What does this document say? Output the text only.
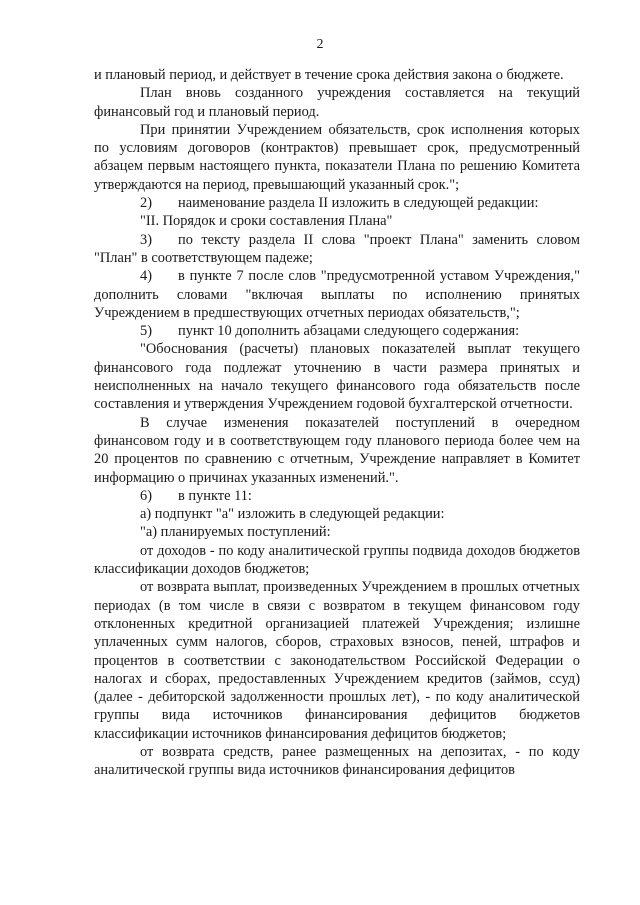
2

и плановый период, и действует в течение срока действия закона о бюджете.

План вновь созданного учреждения составляется на текущий финансовый год и плановый период.

При принятии Учреждением обязательств, срок исполнения которых по условиям договоров (контрактов) превышает срок, предусмотренный абзацем первым настоящего пункта, показатели Плана по решению Комитета утверждаются на период, превышающий указанный срок.";

2) наименование раздела II изложить в следующей редакции:

"II. Порядок и сроки составления Плана"

3) по тексту раздела II слова "проект Плана" заменить словом "План" в соответствующем падеже;

4) в пункте 7 после слов "предусмотренной уставом Учреждения," дополнить словами "включая выплаты по исполнению принятых Учреждением в предшествующих отчетных периодах обязательств,";

5) пункт 10 дополнить абзацами следующего содержания:

"Обоснования (расчеты) плановых показателей выплат текущего финансового года подлежат уточнению в части размера принятых и неисполненных на начало текущего финансового года обязательств после составления и утверждения Учреждением годовой бухгалтерской отчетности.

В случае изменения показателей поступлений в очередном финансовом году и в соответствующем году планового периода более чем на 20 процентов по сравнению с отчетным, Учреждение направляет в Комитет информацию о причинах указанных изменений.".

6) в пункте 11:

а) подпункт "а" изложить в следующей редакции:

"а) планируемых поступлений:

от доходов - по коду аналитической группы подвида доходов бюджетов классификации доходов бюджетов;

от возврата выплат, произведенных Учреждением в прошлых отчетных периодах (в том числе в связи с возвратом в текущем финансовом году отклоненных кредитной организацией платежей Учреждения; излишне уплаченных сумм налогов, сборов, страховых взносов, пеней, штрафов и процентов в соответствии с законодательством Российской Федерации о налогах и сборах, предоставленных Учреждением кредитов (займов, ссуд) (далее - дебиторской задолженности прошлых лет), - по коду аналитической группы вида источников финансирования дефицитов бюджетов классификации источников финансирования дефицитов бюджетов;

от возврата средств, ранее размещенных на депозитах, - по коду аналитической группы вида источников финансирования дефицитов
